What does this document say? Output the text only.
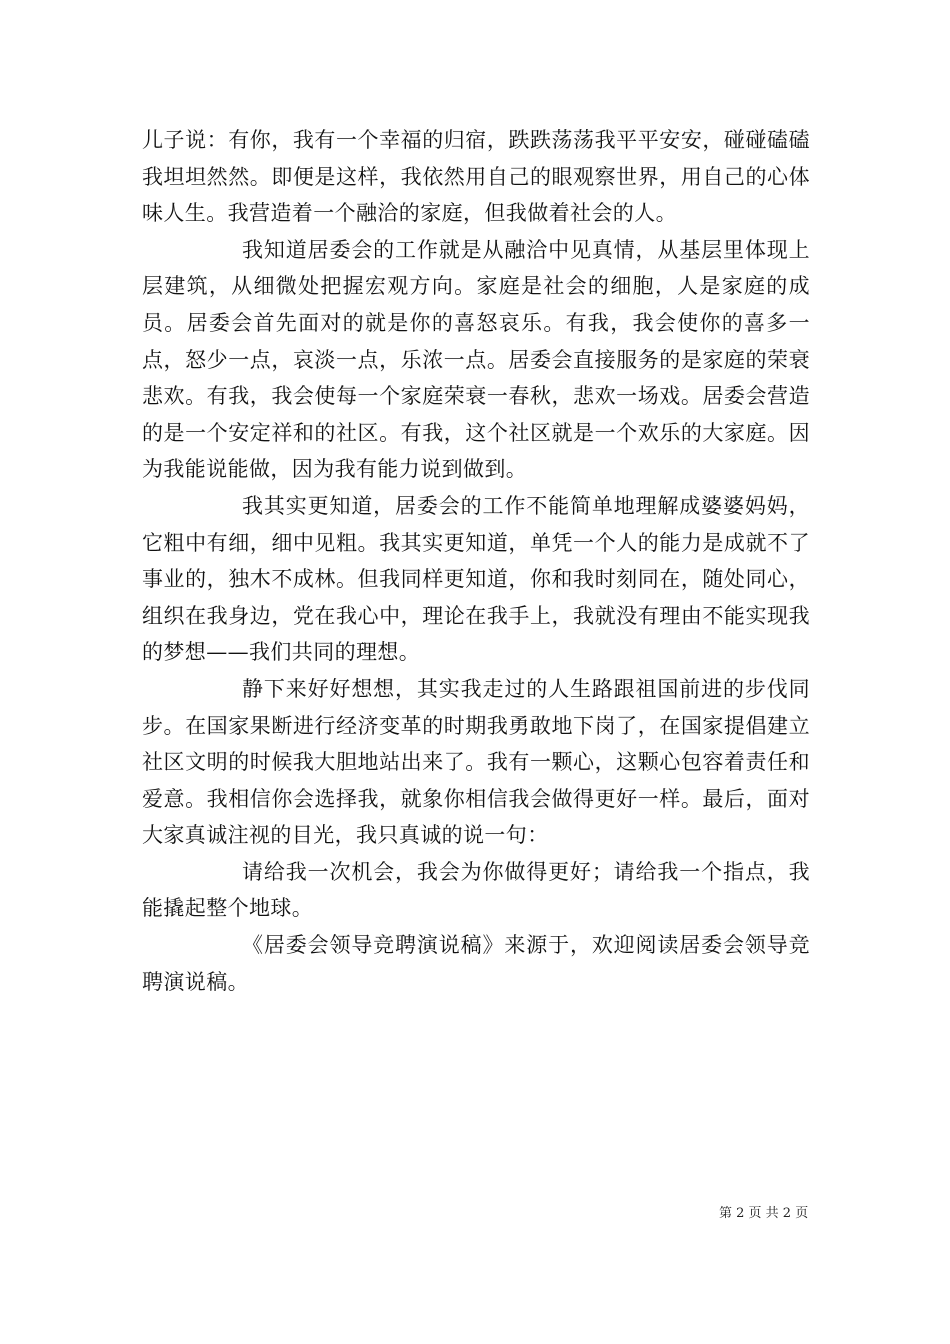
儿子说：有你，我有一个幸福的归宿，跌跌荡荡我平平安安，碰碰磕磕我坦坦然然。即便是这样，我依然用自己的眼观察世界，用自己的心体味人生。我营造着一个融洽的家庭，但我做着社会的人。

我知道居委会的工作就是从融洽中见真情，从基层里体现上层建筑，从细微处把握宏观方向。家庭是社会的细胞，人是家庭的成员。居委会首先面对的就是你的喜怒哀乐。有我，我会使你的喜多一点，怒少一点，哀淡一点，乐浓一点。居委会直接服务的是家庭的荣衰悲欢。有我，我会使每一个家庭荣衰一春秋，悲欢一场戏。居委会营造的是一个安定祥和的社区。有我，这个社区就是一个欢乐的大家庭。因为我能说能做，因为我有能力说到做到。

我其实更知道，居委会的工作不能简单地理解成婆婆妈妈，它粗中有细，细中见粗。我其实更知道，单凭一个人的能力是成就不了事业的，独木不成林。但我同样更知道，你和我时刻同在，随处同心，组织在我身边，党在我心中，理论在我手上，我就没有理由不能实现我的梦想——我们共同的理想。

静下来好好想想，其实我走过的人生路跟祖国前进的步伐同步。在国家果断进行经济变革的时期我勇敢地下岗了，在国家提倡建立社区文明的时候我大胆地站出来了。我有一颗心，这颗心包容着责任和爱意。我相信你会选择我，就象你相信我会做得更好一样。最后，面对大家真诚注视的目光，我只真诚的说一句：

请给我一次机会，我会为你做得更好；请给我一个指点，我能撬起整个地球。

《居委会领导竞聘演说稿》来源于，欢迎阅读居委会领导竞聘演说稿。

第 2 页 共 2 页
